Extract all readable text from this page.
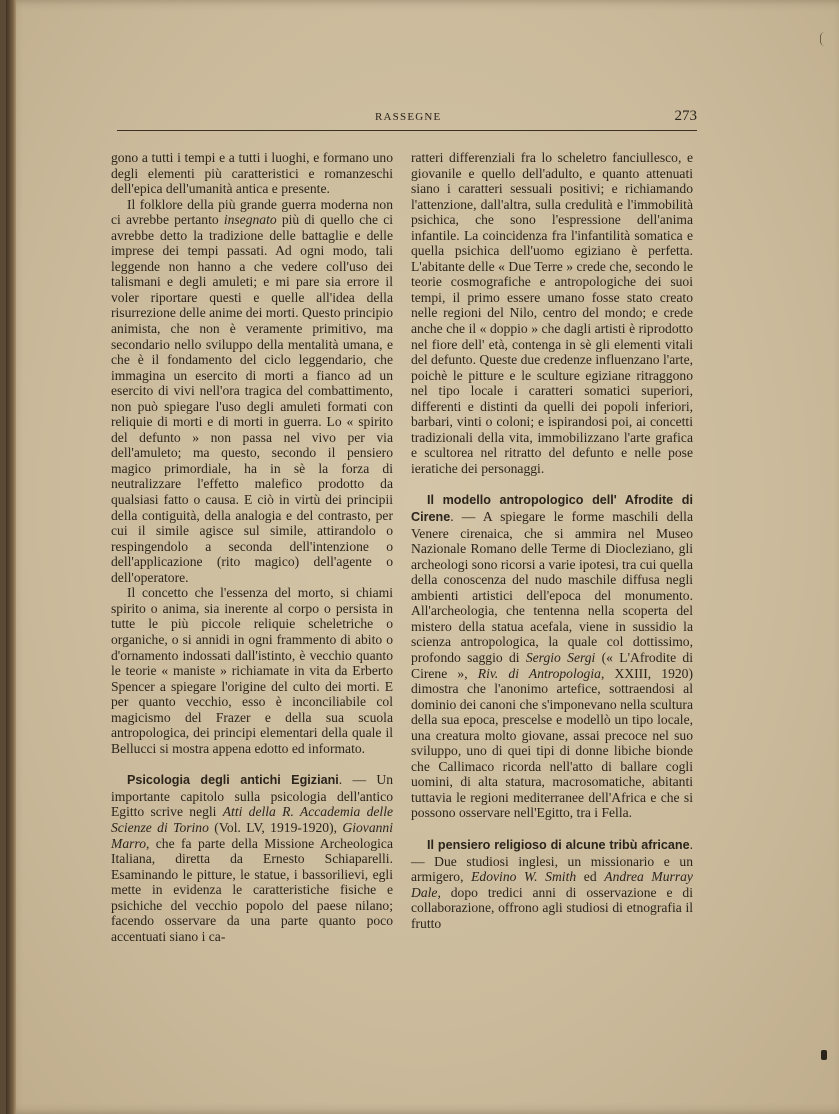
RASSEGNE	273

gono a tutti i tempi e a tutti i luoghi, e formano uno degli elementi più caratteristici e romanzeschi dell'epica dell'umanità antica e presente.

Il folklore della più grande guerra moderna non ci avrebbe pertanto insegnato più di quello che ci avrebbe detto la tradizione delle battaglie e delle imprese dei tempi passati. Ad ogni modo, tali leggende non hanno a che vedere coll'uso dei talismani e degli amuleti; e mi pare sia errore il voler riportare questi e quelle all'idea della risurrezione delle anime dei morti. Questo principio animista, che non è veramente primitivo, ma secondario nello sviluppo della mentalità umana, e che è il fondamento del ciclo leggendario, che immagina un esercito di morti a fianco ad un esercito di vivi nell'ora tragica del combattimento, non può spiegare l'uso degli amuleti formati con reliquie di morti e di morti in guerra. Lo « spirito del defunto » non passa nel vivo per via dell'amuleto; ma questo, secondo il pensiero magico primordiale, ha in sè la forza di neutralizzare l'effetto malefico prodotto da qualsiasi fatto o causa. E ciò in virtù dei principii della contiguità, della analogia e del contrasto, per cui il simile agisce sul simile, attirandolo o respingendolo a seconda dell'intenzione o dell'applicazione (rito magico) dell'agente o dell'operatore.

Il concetto che l'essenza del morto, si chiami spirito o anima, sia inerente al corpo o persista in tutte le più piccole reliquie scheletriche o organiche, o si annidi in ogni frammento di abito o d'ornamento indossati dall'istinto, è vecchio quanto le teorie « maniste » richiamate in vita da Erberto Spencer a spiegare l'origine del culto dei morti. E per quanto vecchio, esso è inconciliabile col magicismo del Frazer e della sua scuola antropologica, dei principi elementari della quale il Bellucci si mostra appena edotto ed informato.

Psicologia degli antichi Egiziani. — Un importante capitolo sulla psicologia dell'antico Egitto scrive negli Atti della R. Accademia delle Scienze di Torino (Vol. LV, 1919-1920), Giovanni Marro, che fa parte della Missione Archeologica Italiana, diretta da Ernesto Schiaparelli. Esaminando le pitture, le statue, i bassorilievi, egli mette in evidenza le caratteristiche fisiche e psichiche del vecchio popolo del paese nilano; facendo osservare da una parte quanto poco accentuati siano i ca-

ratteri differenziali fra lo scheletro fanciullesco, e giovanile e quello dell'adulto, e quanto attenuati siano i caratteri sessuali positivi; e richiamando l'attenzione, dall'altra, sulla credulità e l'immobilità psichica, che sono l'espressione dell'anima infantile. La coincidenza fra l'infantilità somatica e quella psichica dell'uomo egiziano è perfetta. L'abitante delle « Due Terre » crede che, secondo le teorie cosmografiche e antropologiche dei suoi tempi, il primo essere umano fosse stato creato nelle regioni del Nilo, centro del mondo; e crede anche che il « doppio » che dagli artisti è riprodotto nel fiore dell' età, contenga in sè gli elementi vitali del defunto. Queste due credenze influenzano l'arte, poichè le pitture e le sculture egiziane ritraggono nel tipo locale i caratteri somatici superiori, differenti e distinti da quelli dei popoli inferiori, barbari, vinti o coloni; e ispirandosi poi, ai concetti tradizionali della vita, immobilizzano l'arte grafica e scultorea nel ritratto del defunto e nelle pose ieratiche dei personaggi.

Il modello antropologico dell' Afrodite di Cirene. — A spiegare le forme maschili della Venere cirenaica, che si ammira nel Museo Nazionale Romano delle Terme di Diocleziano, gli archeologi sono ricorsi a varie ipotesi, tra cui quella della conoscenza del nudo maschile diffusa negli ambienti artistici dell'epoca del monumento. All'archeologia, che tentenna nella scoperta del mistero della statua acefala, viene in sussidio la scienza antropologica, la quale col dottissimo, profondo saggio di Sergio Sergi (« L'Afrodite di Cirene », Riv. di Antropologia, XXIII, 1920) dimostra che l'anonimo artefice, sottraendosi al dominio dei canoni che s'imponevano nella scultura della sua epoca, prescelse e modellò un tipo locale, una creatura molto giovane, assai precoce nel suo sviluppo, uno di quei tipi di donne libiche bionde che Callimaco ricorda nell'atto di ballare cogli uomini, di alta statura, macrosomatiche, abitanti tuttavia le regioni mediterranee dell'Africa e che si possono osservare nell'Egitto, tra i Fella.

Il pensiero religioso di alcune tribù africane. — Due studiosi inglesi, un missionario e un armigero, Edovino W. Smith ed Andrea Murray Dale, dopo tredici anni di osservazione e di collaborazione, offrono agli studiosi di etnografia il frutto
